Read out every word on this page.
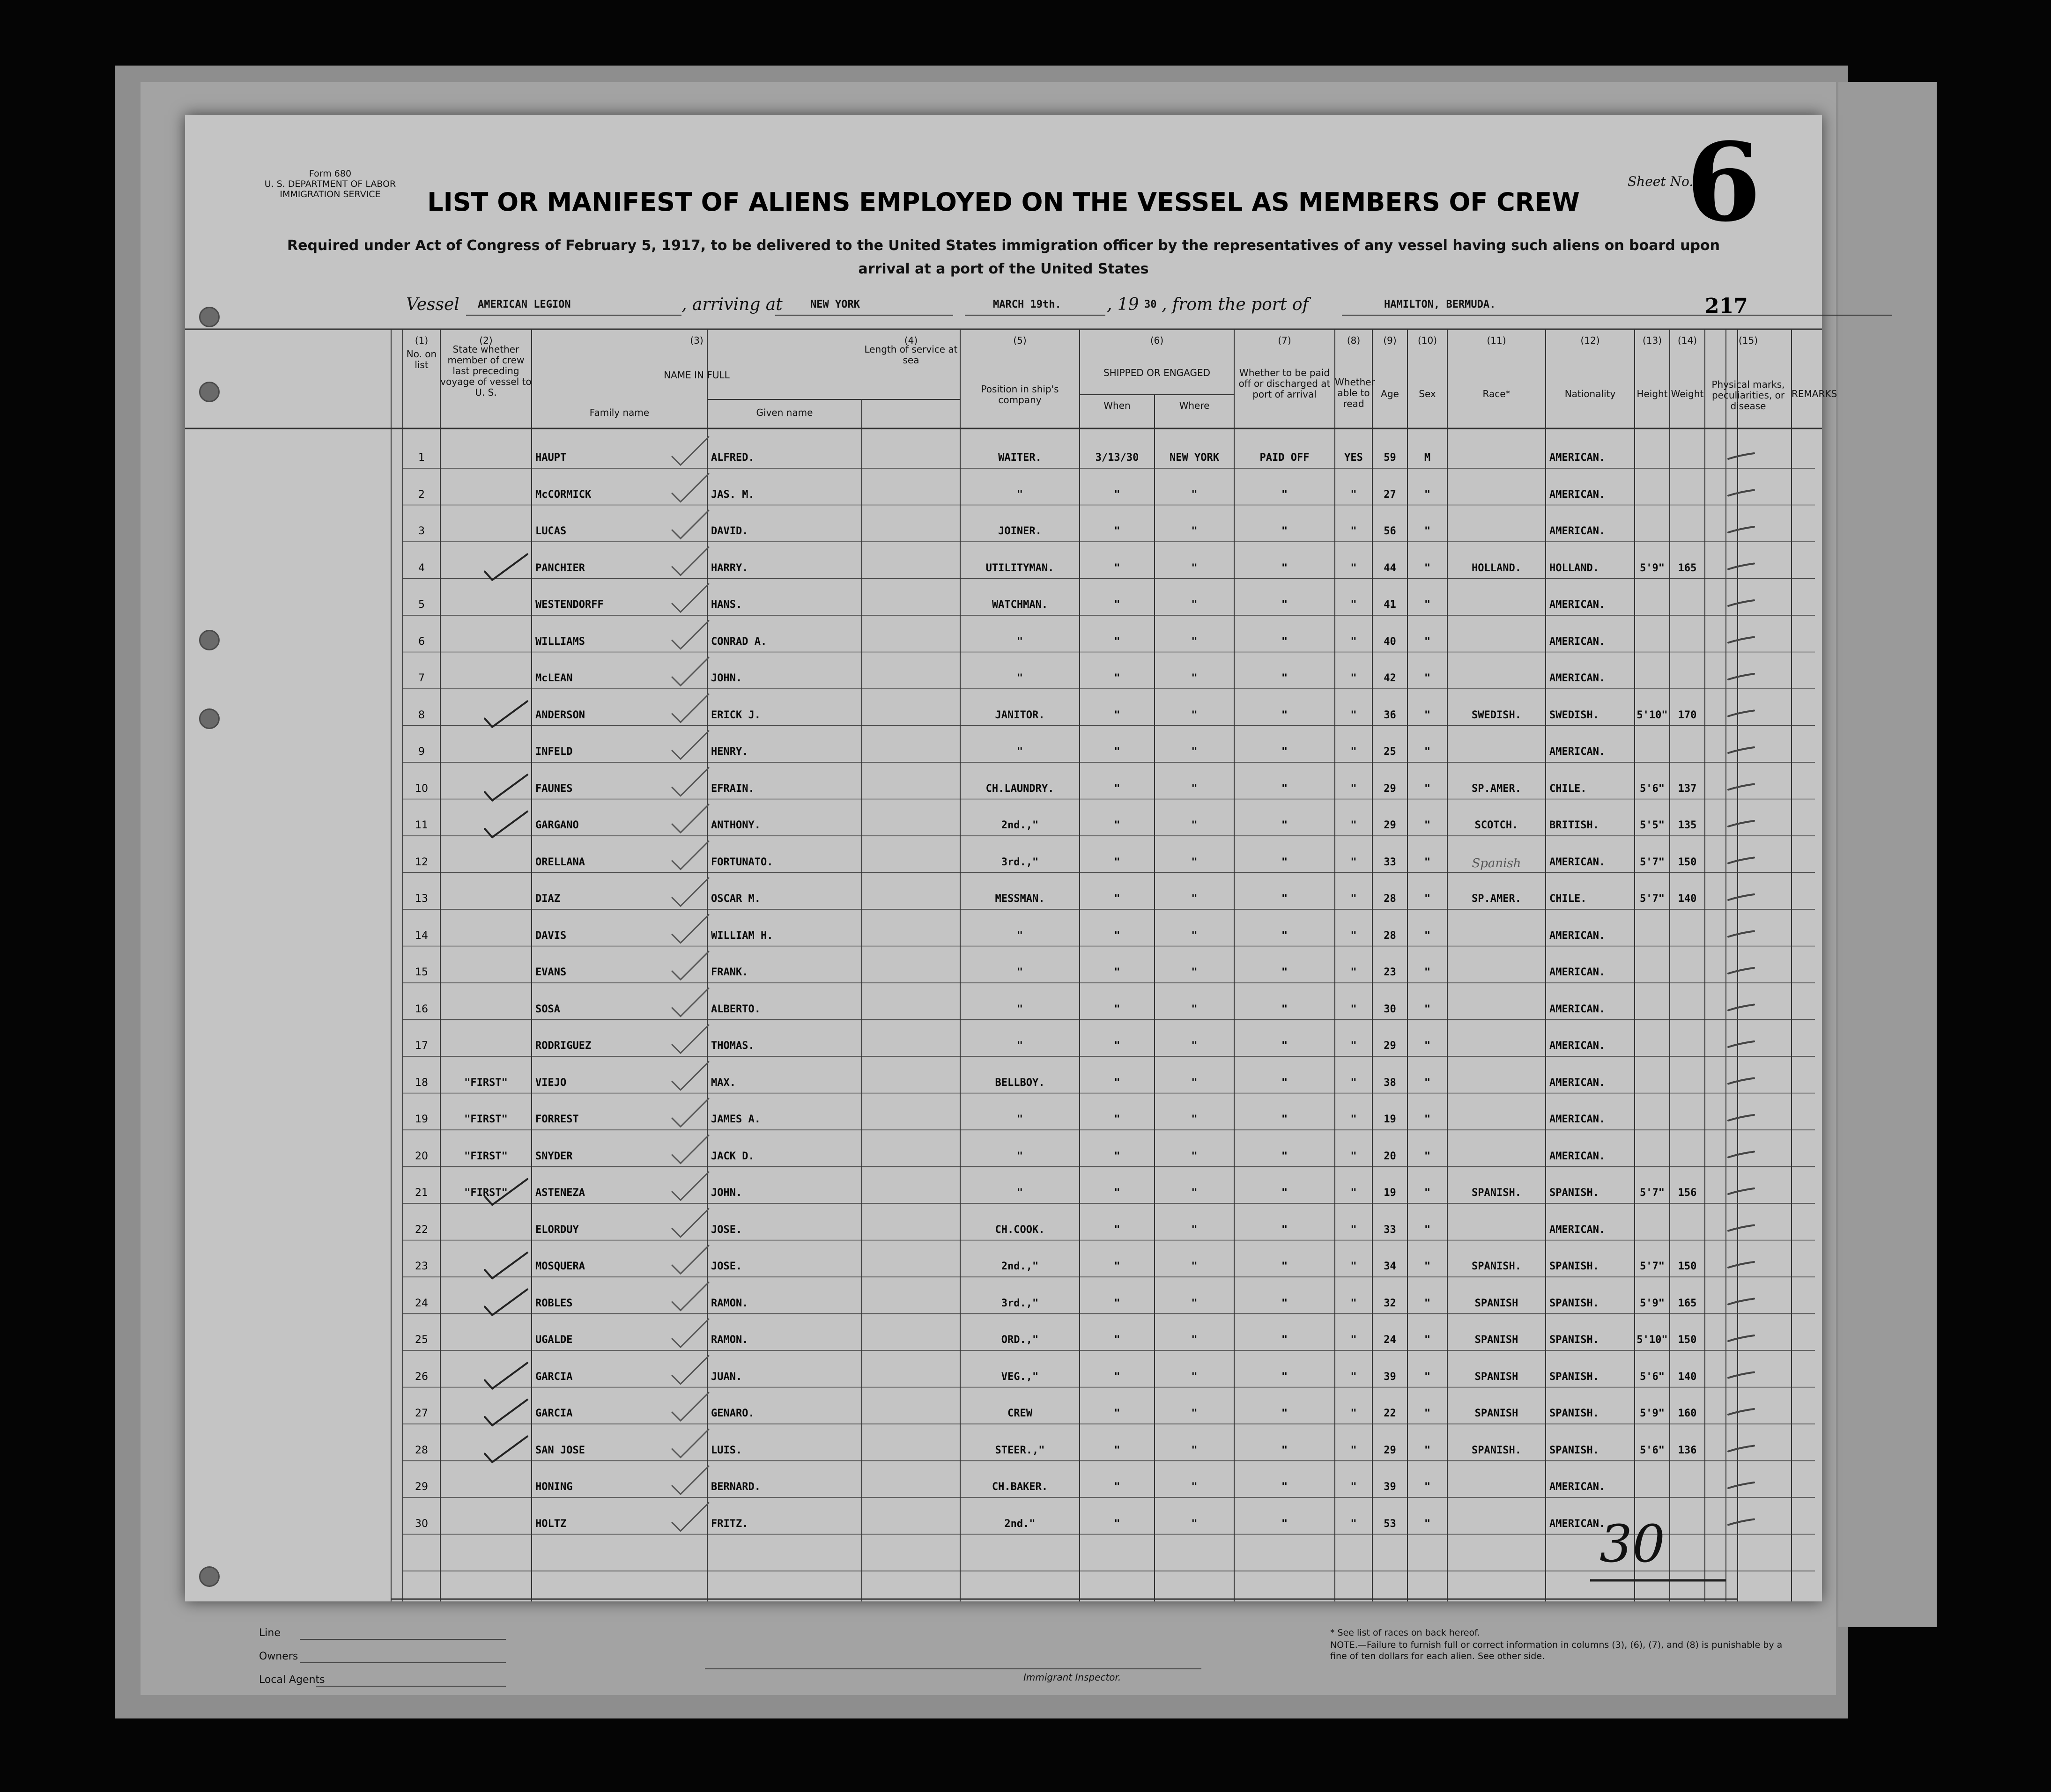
Form 680
U. S. DEPARTMENT OF LABOR
IMMIGRATION SERVICE
Sheet No.
6
LIST OR MANIFEST OF ALIENS EMPLOYED ON THE VESSEL AS MEMBERS OF CREW
Required under Act of Congress of February 5, 1917, to be delivered to the United States immigration officer by the representatives of any vessel having such aliens on board upon arrival at a port of the United States
Vessel AMERICAN LEGION	, arriving at	NEW YORK	MARCH 19th.	, 19 30 , from the port of	HAMILTON, BERMUDA.	217
30
No. on list
State whether member of crew last preceding voyage of vessel to U. S.
Length of service at sea
Position in ship's company
Whether to be paid off or discharged at port of arrival
Whether able to read
Age	Sex	Race*	Nationality	Height Weight
Physical marks, peculiarities, or disease
REMARKS
NAME IN FULL
Family name	Given name
SHIPPED OR ENGAGED
When	Where
(1)	(2)	(3)	(4)	(5)	(6)	(7)	(8)	(9)	(10)	(11)	(12)	(13)	(14)	(15)
1	HAUPT	ALFRED.	WAITER.	3/13/30	NEW YORK	PAID OFF	YES	59	M	AMERICAN.
2	McCORMICK	JAS. M.	"	"	"	"	"	27	"	AMERICAN.
3	LUCAS	DAVID.	JOINER.	"	"	"	"	56	"	AMERICAN.
4	PANCHIER	HARRY.	UTILITYMAN.	"	"	"	"	44	"	HOLLAND.	HOLLAND.	5'9"	165
5	WESTENDORFF	HANS.	WATCHMAN.	"	"	"	"	41	"	AMERICAN.
6	WILLIAMS	CONRAD A.	"	"	"	"	"	40	"	AMERICAN.
7	McLEAN	JOHN.	"	"	"	"	"	42	"	AMERICAN.
8	ANDERSON	ERICK J.	JANITOR.	"	"	"	"	36	"	SWEDISH.	SWEDISH.	5'10"	170
9	INFELD	HENRY.	"	"	"	"	"	25	"	AMERICAN.
10	FAUNES	EFRAIN.	CH.LAUNDRY.	"	"	"	"	29	"	SP.AMER.	CHILE.	5'6"	137
11	GARGANO	ANTHONY.	2nd.,"	"	"	"	"	29	"	SCOTCH.	BRITISH.	5'5"	135
12	ORELLANA	FORTUNATO.	3rd.,"	"	"	"	"	33	"	Spanish	AMERICAN.	5'7"	150
13	DIAZ	OSCAR M.	MESSMAN.	"	"	"	"	28	"	SP.AMER.	CHILE.	5'7"	140
14	DAVIS	WILLIAM H.	"	"	"	"	"	28	"	AMERICAN.
15	EVANS	FRANK.	"	"	"	"	"	23	"	AMERICAN.
16	SOSA	ALBERTO.	"	"	"	"	"	30	"	AMERICAN.
17	RODRIGUEZ	THOMAS.	"	"	"	"	"	29	"	AMERICAN.
18	"FIRST"	VIEJO	MAX.	BELLBOY.	"	"	"	"	38	"	AMERICAN.
19	"FIRST"	FORREST	JAMES A.	"	"	"	"	"	19	"	AMERICAN.
20	"FIRST"	SNYDER	JACK D.	"	"	"	"	"	20	"	AMERICAN.
21	"FIRST"	ASTENEZA	JOHN.	"	"	"	"	"	19	"	SPANISH.	SPANISH.	5'7"	156
22	ELORDUY	JOSE.	CH.COOK.	"	"	"	"	33	"	AMERICAN.
23	MOSQUERA	JOSE.	2nd.,"	"	"	"	"	34	"	SPANISH.	SPANISH.	5'7"	150
24	ROBLES	RAMON.	3rd.,"	"	"	"	"	32	"	SPANISH	SPANISH.	5'9"	165
25	UGALDE	RAMON.	ORD.,"	"	"	"	"	24	"	SPANISH	SPANISH.	5'10"	150
26	GARCIA	JUAN.	VEG.,"	"	"	"	"	39	"	SPANISH	SPANISH.	5'6"	140
27	GARCIA	GENARO.	CREW	"	"	"	"	22	"	SPANISH	SPANISH.	5'9"	160
28	SAN JOSE	LUIS.	STEER.,"	"	"	"	"	29	"	SPANISH.	SPANISH.	5'6"	136
29	HONING	BERNARD.	CH.BAKER.	"	"	"	"	39	"	AMERICAN.
30	HOLTZ	FRITZ.	2nd."	"	"	"	"	53	"	AMERICAN.
Line
Owners
Local Agents	Immigrant Inspector.
* See list of races on back hereof.
NOTE.—Failure to furnish full or correct information in columns (3), (6), (7), and (8) is punishable by a fine of ten dollars for each alien. See other side.
